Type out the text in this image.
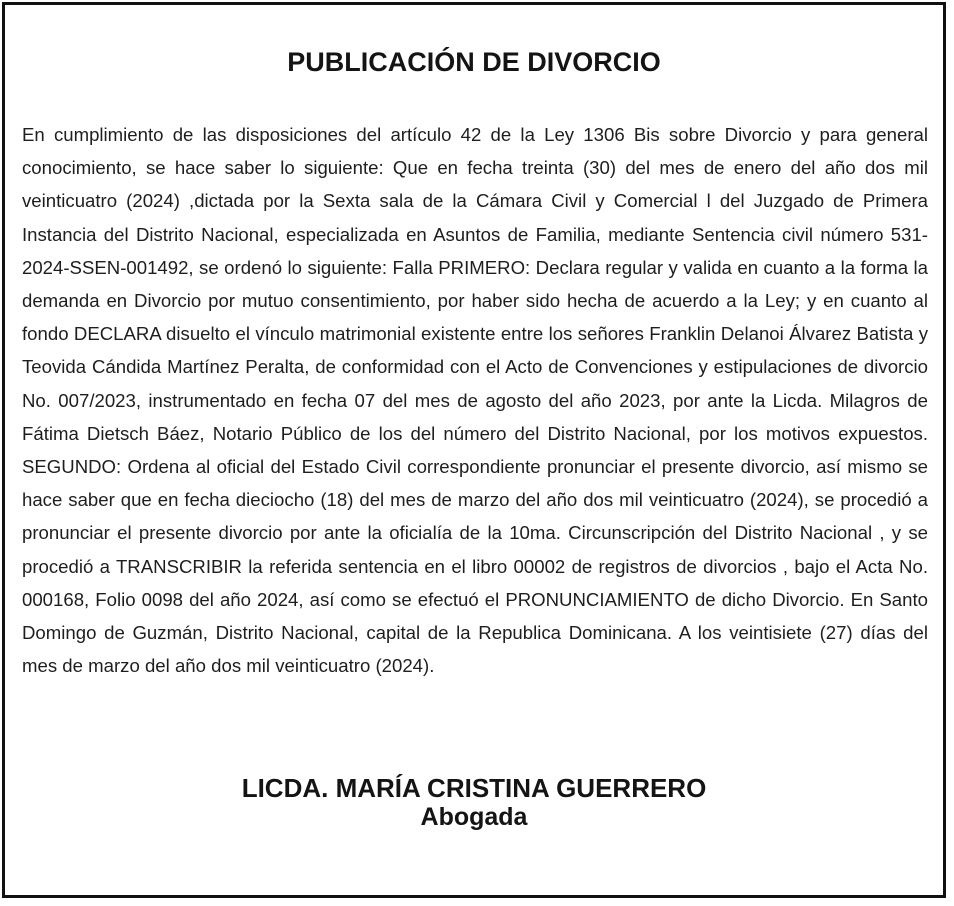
PUBLICACIÓN DE DIVORCIO

En cumplimiento de las disposiciones del artículo 42 de la Ley 1306 Bis sobre Divorcio y para general conocimiento, se hace saber lo siguiente: Que en fecha treinta (30) del mes de enero del año dos mil veinticuatro (2024) ,dictada por la Sexta sala de la Cámara Civil y Comercial l del Juzgado de Primera Instancia del Distrito Nacional, especializada en Asuntos de Familia, mediante Sentencia civil número 531-2024-SSEN-001492, se ordenó lo siguiente: Falla PRIMERO: Declara regular y valida en cuanto a la forma la demanda en Divorcio por mutuo consentimiento, por haber sido hecha de acuerdo a la Ley; y en cuanto al fondo DECLARA disuelto el vínculo matrimonial existente entre los señores Franklin Delanoi Álvarez Batista y Teovida Cándida Martínez Peralta, de conformidad con el Acto de Convenciones y estipulaciones de divorcio No. 007/2023, instrumentado en fecha 07 del mes de agosto del año 2023, por ante la Licda. Milagros de Fátima Dietsch Báez, Notario Público de los del número del Distrito Nacional, por los motivos expuestos. SEGUNDO: Ordena al oficial del Estado Civil correspondiente pronunciar el presente divorcio, así mismo se hace saber que en fecha dieciocho (18) del mes de marzo del año dos mil veinticuatro (2024), se procedió a pronunciar el presente divorcio por ante la oficialía de la 10ma. Circunscripción del Distrito Nacional , y se procedió a TRANSCRIBIR la referida sentencia en el libro 00002 de registros de divorcios , bajo el Acta No. 000168, Folio 0098 del año 2024, así como se efectuó el PRONUNCIAMIENTO de dicho Divorcio. En Santo Domingo de Guzmán, Distrito Nacional, capital de la Republica Dominicana. A los veintisiete (27) días del mes de marzo del año dos mil veinticuatro (2024).

LICDA. MARÍA CRISTINA GUERRERO
Abogada
